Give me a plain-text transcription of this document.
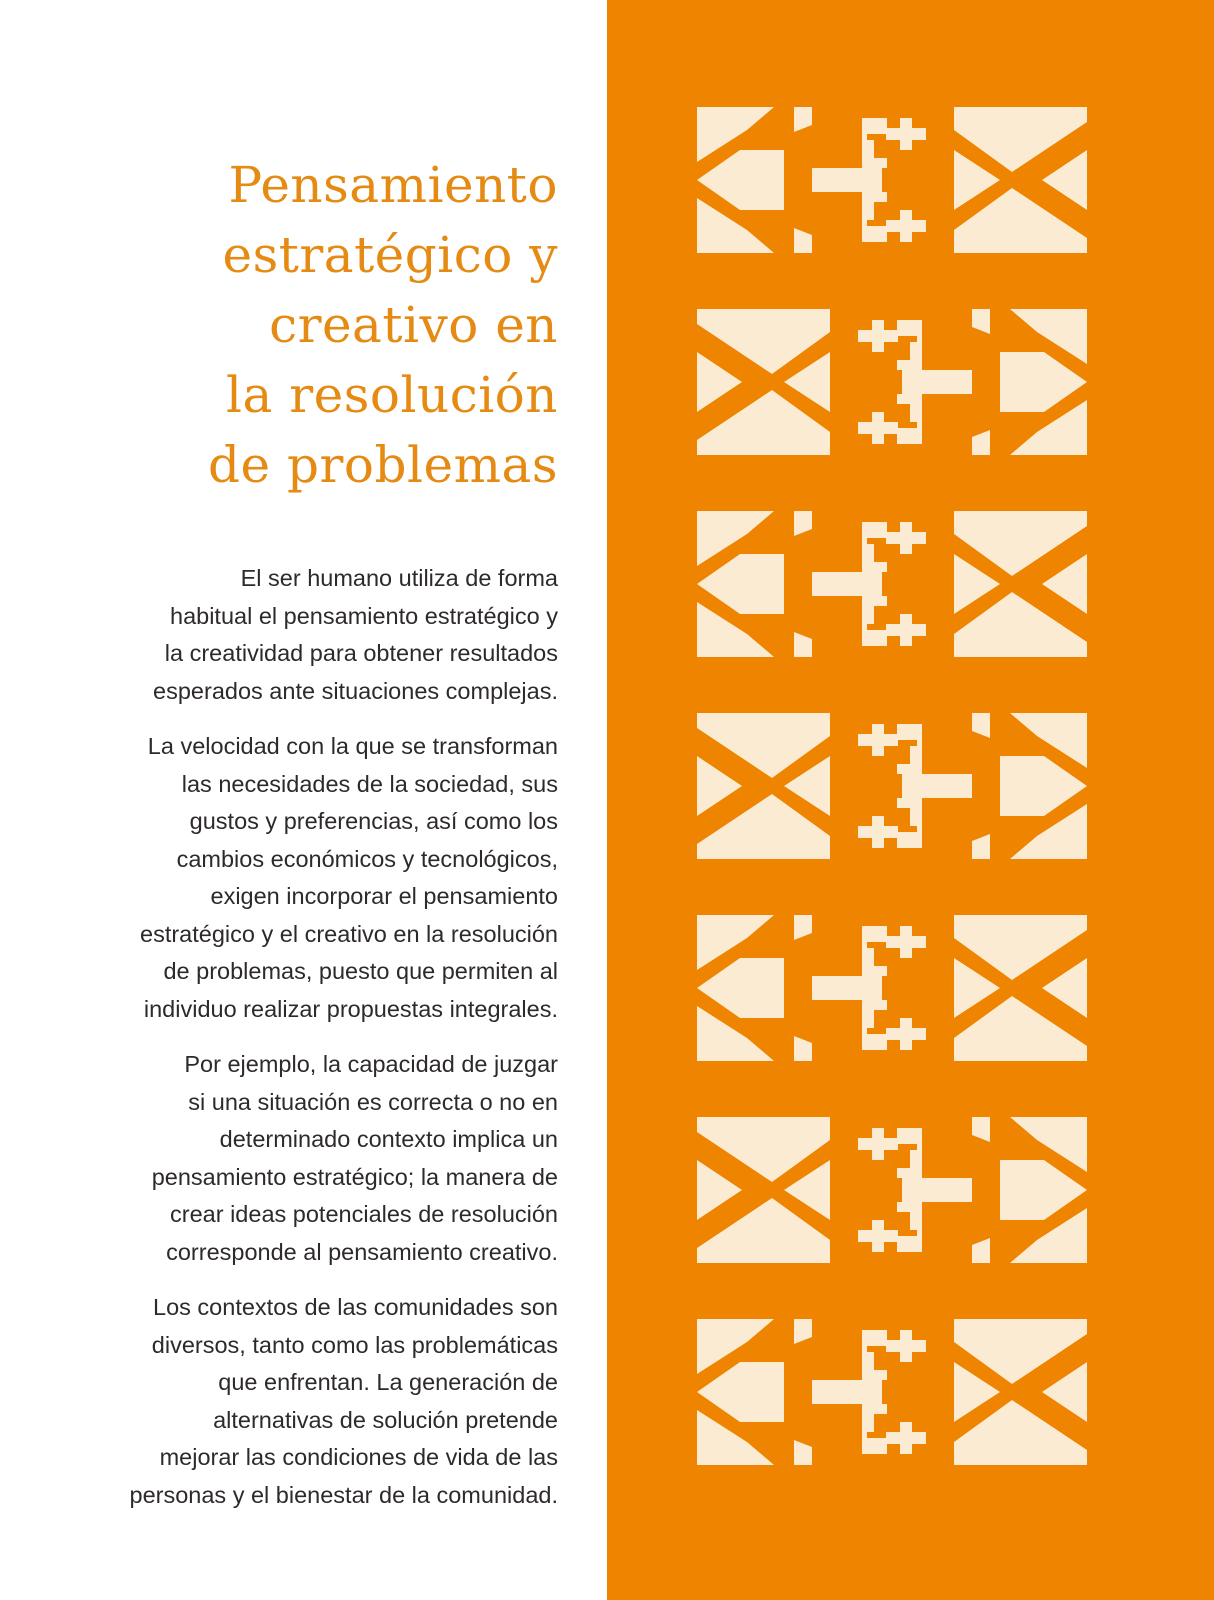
Pensamiento
estratégico y
creativo en
la resolución
de problemas

El ser humano utiliza de forma
habitual el pensamiento estratégico y
la creatividad para obtener resultados
esperados ante situaciones complejas.

La velocidad con la que se transforman
las necesidades de la sociedad, sus
gustos y preferencias, así como los
cambios económicos y tecnológicos,
exigen incorporar el pensamiento
estratégico y el creativo en la resolución
de problemas, puesto que permiten al
individuo realizar propuestas integrales.

Por ejemplo, la capacidad de juzgar
si una situación es correcta o no en
determinado contexto implica un
pensamiento estratégico; la manera de
crear ideas potenciales de resolución
corresponde al pensamiento creativo.

Los contextos de las comunidades son
diversos, tanto como las problemáticas
que enfrentan. La generación de
alternativas de solución pretende
mejorar las condiciones de vida de las
personas y el bienestar de la comunidad.
